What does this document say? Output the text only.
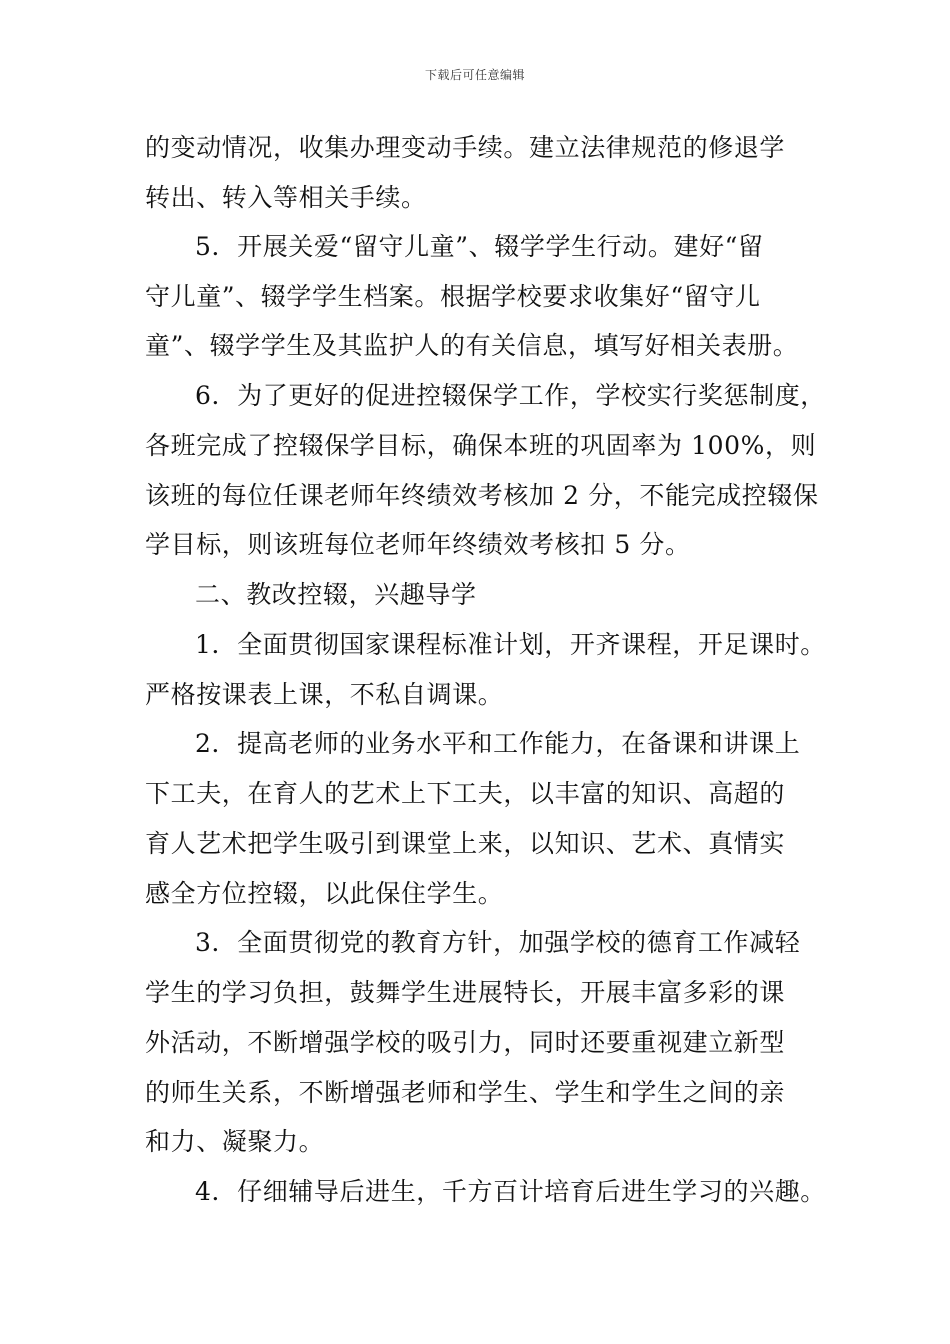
下载后可任意编辑
的变动情况，收集办理变动手续。建立法律规范的修退学
转出、转入等相关手续。
5．开展关爱“留守儿童”、辍学学生行动。建好“留
守儿童”、辍学学生档案。根据学校要求收集好“留守儿
童”、辍学学生及其监护人的有关信息，填写好相关表册。
6．为了更好的促进控辍保学工作，学校实行奖惩制度，
各班完成了控辍保学目标，确保本班的巩固率为 100%，则
该班的每位任课老师年终绩效考核加 2 分，不能完成控辍保
学目标，则该班每位老师年终绩效考核扣 5 分。
二、教改控辍，兴趣导学
1．全面贯彻国家课程标准计划，开齐课程，开足课时。
严格按课表上课，不私自调课。
2．提高老师的业务水平和工作能力，在备课和讲课上
下工夫，在育人的艺术上下工夫，以丰富的知识、高超的
育人艺术把学生吸引到课堂上来，以知识、艺术、真情实
感全方位控辍，以此保住学生。
3．全面贯彻党的教育方针，加强学校的德育工作减轻
学生的学习负担，鼓舞学生进展特长，开展丰富多彩的课
外活动，不断增强学校的吸引力，同时还要重视建立新型
的师生关系，不断增强老师和学生、学生和学生之间的亲
和力、凝聚力。
4．仔细辅导后进生，千方百计培育后进生学习的兴趣。
